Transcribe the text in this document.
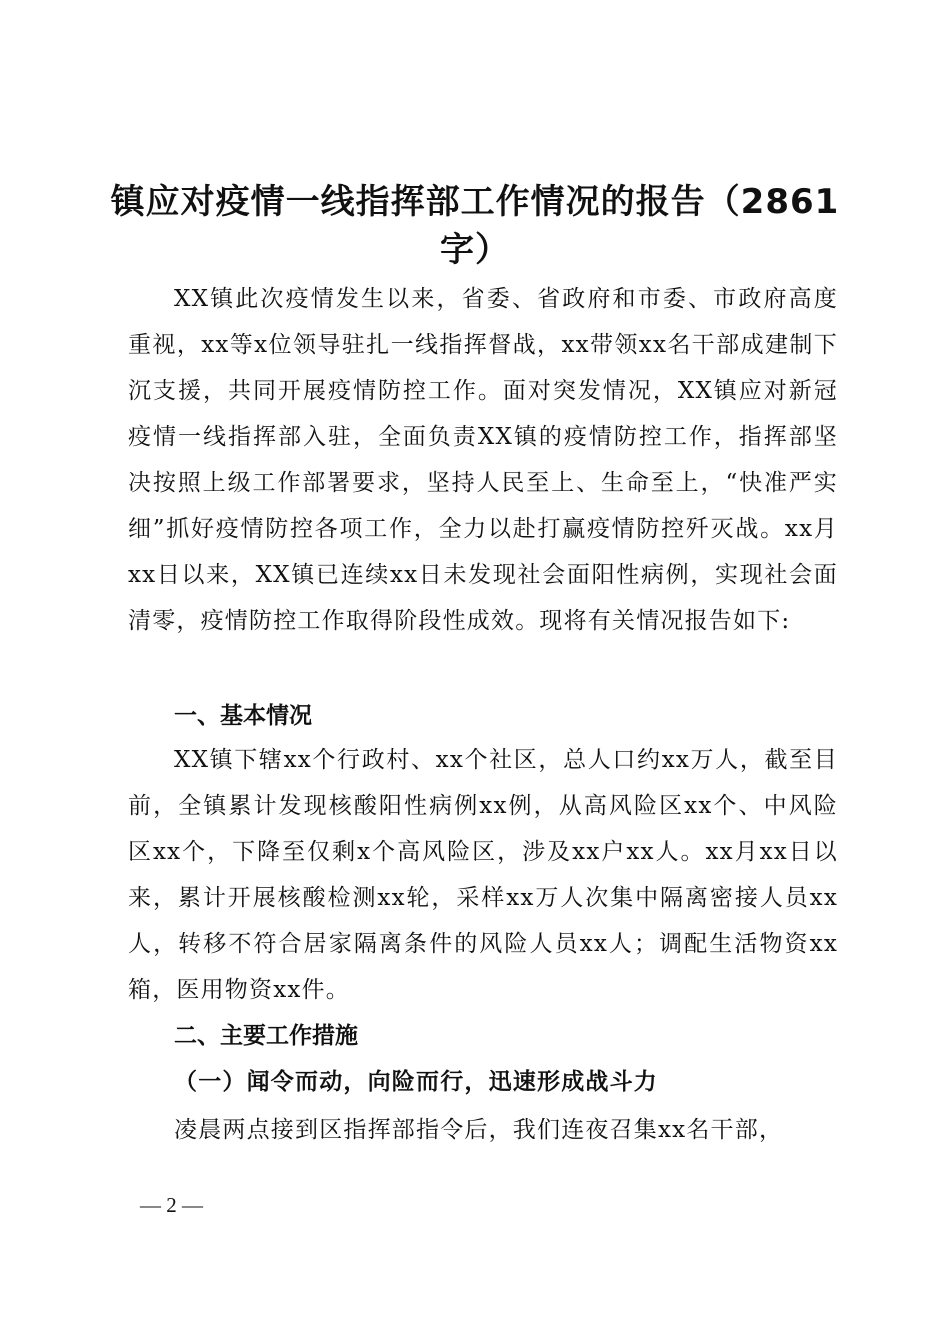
镇应对疫情一线指挥部工作情况的报告（2861字）

XX镇此次疫情发生以来，省委、省政府和市委、市政府高度重视，xx等x位领导驻扎一线指挥督战，xx带领xx名干部成建制下沉支援，共同开展疫情防控工作。面对突发情况，XX镇应对新冠疫情一线指挥部入驻，全面负责XX镇的疫情防控工作，指挥部坚决按照上级工作部署要求，坚持人民至上、生命至上，“快准严实细”抓好疫情防控各项工作，全力以赴打赢疫情防控歼灭战。xx月xx日以来，XX镇已连续xx日未发现社会面阳性病例，实现社会面清零，疫情防控工作取得阶段性成效。现将有关情况报告如下:

一、基本情况

XX镇下辖xx个行政村、xx个社区，总人口约xx万人，截至目前，全镇累计发现核酸阳性病例xx例，从高风险区xx个、中风险区xx个，下降至仅剩x个高风险区，涉及xx户xx人。xx月xx日以来，累计开展核酸检测xx轮，采样xx万人次集中隔离密接人员xx人，转移不符合居家隔离条件的风险人员xx人；调配生活物资xx箱，医用物资xx件。

二、主要工作措施
（一）闻令而动，向险而行，迅速形成战斗力

凌晨两点接到区指挥部指令后，我们连夜召集xx名干部，

— 2 —
